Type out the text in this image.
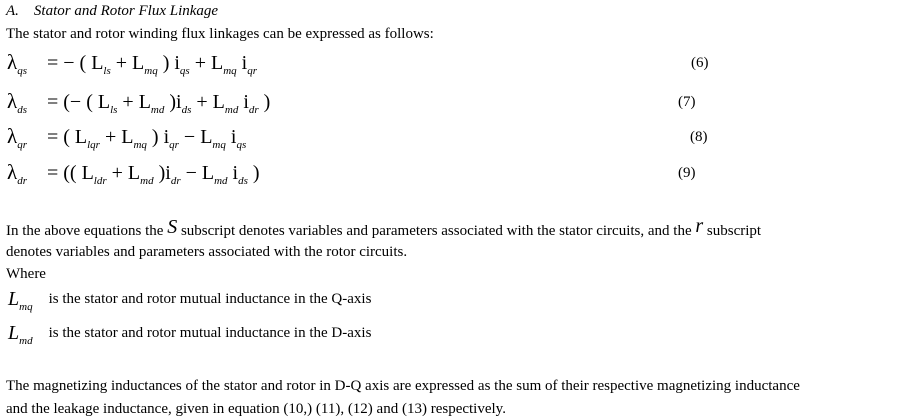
A. Stator and Rotor Flux Linkage
The stator and rotor winding flux linkages can be expressed as follows:
$\lambda_{qs}$ = − ( $L_{ls} + L_{mq}$ ) $i_{qs} + L_{mq}$ $i_{qr}$	(6)
$\lambda_{ds}$ = (− ( $L_{ls} + L_{md}$ )$i_{ds} + L_{md}$ $i_{dr}$ )	(7)
$\lambda_{qr}$ = ( $L_{lqr} + L_{mq}$ ) $i_{qr} - L_{mq}$ $i_{qs}$	(8)
$\lambda_{dr}$ = (( $L_{ldr} + L_{md}$ )$i_{dr} - L_{md}$ $i_{ds}$ )	(9)
In the above equations the S subscript denotes variables and parameters associated with the stator circuits, and the r subscript
denotes variables and parameters associated with the rotor circuits.
Where
$L_{mq}$ is the stator and rotor mutual inductance in the Q-axis
$L_{md}$ is the stator and rotor mutual inductance in the D-axis
The magnetizing inductances of the stator and rotor in D-Q axis are expressed as the sum of their respective magnetizing inductance
and the leakage inductance, given in equation (10,) (11), (12) and (13) respectively.
